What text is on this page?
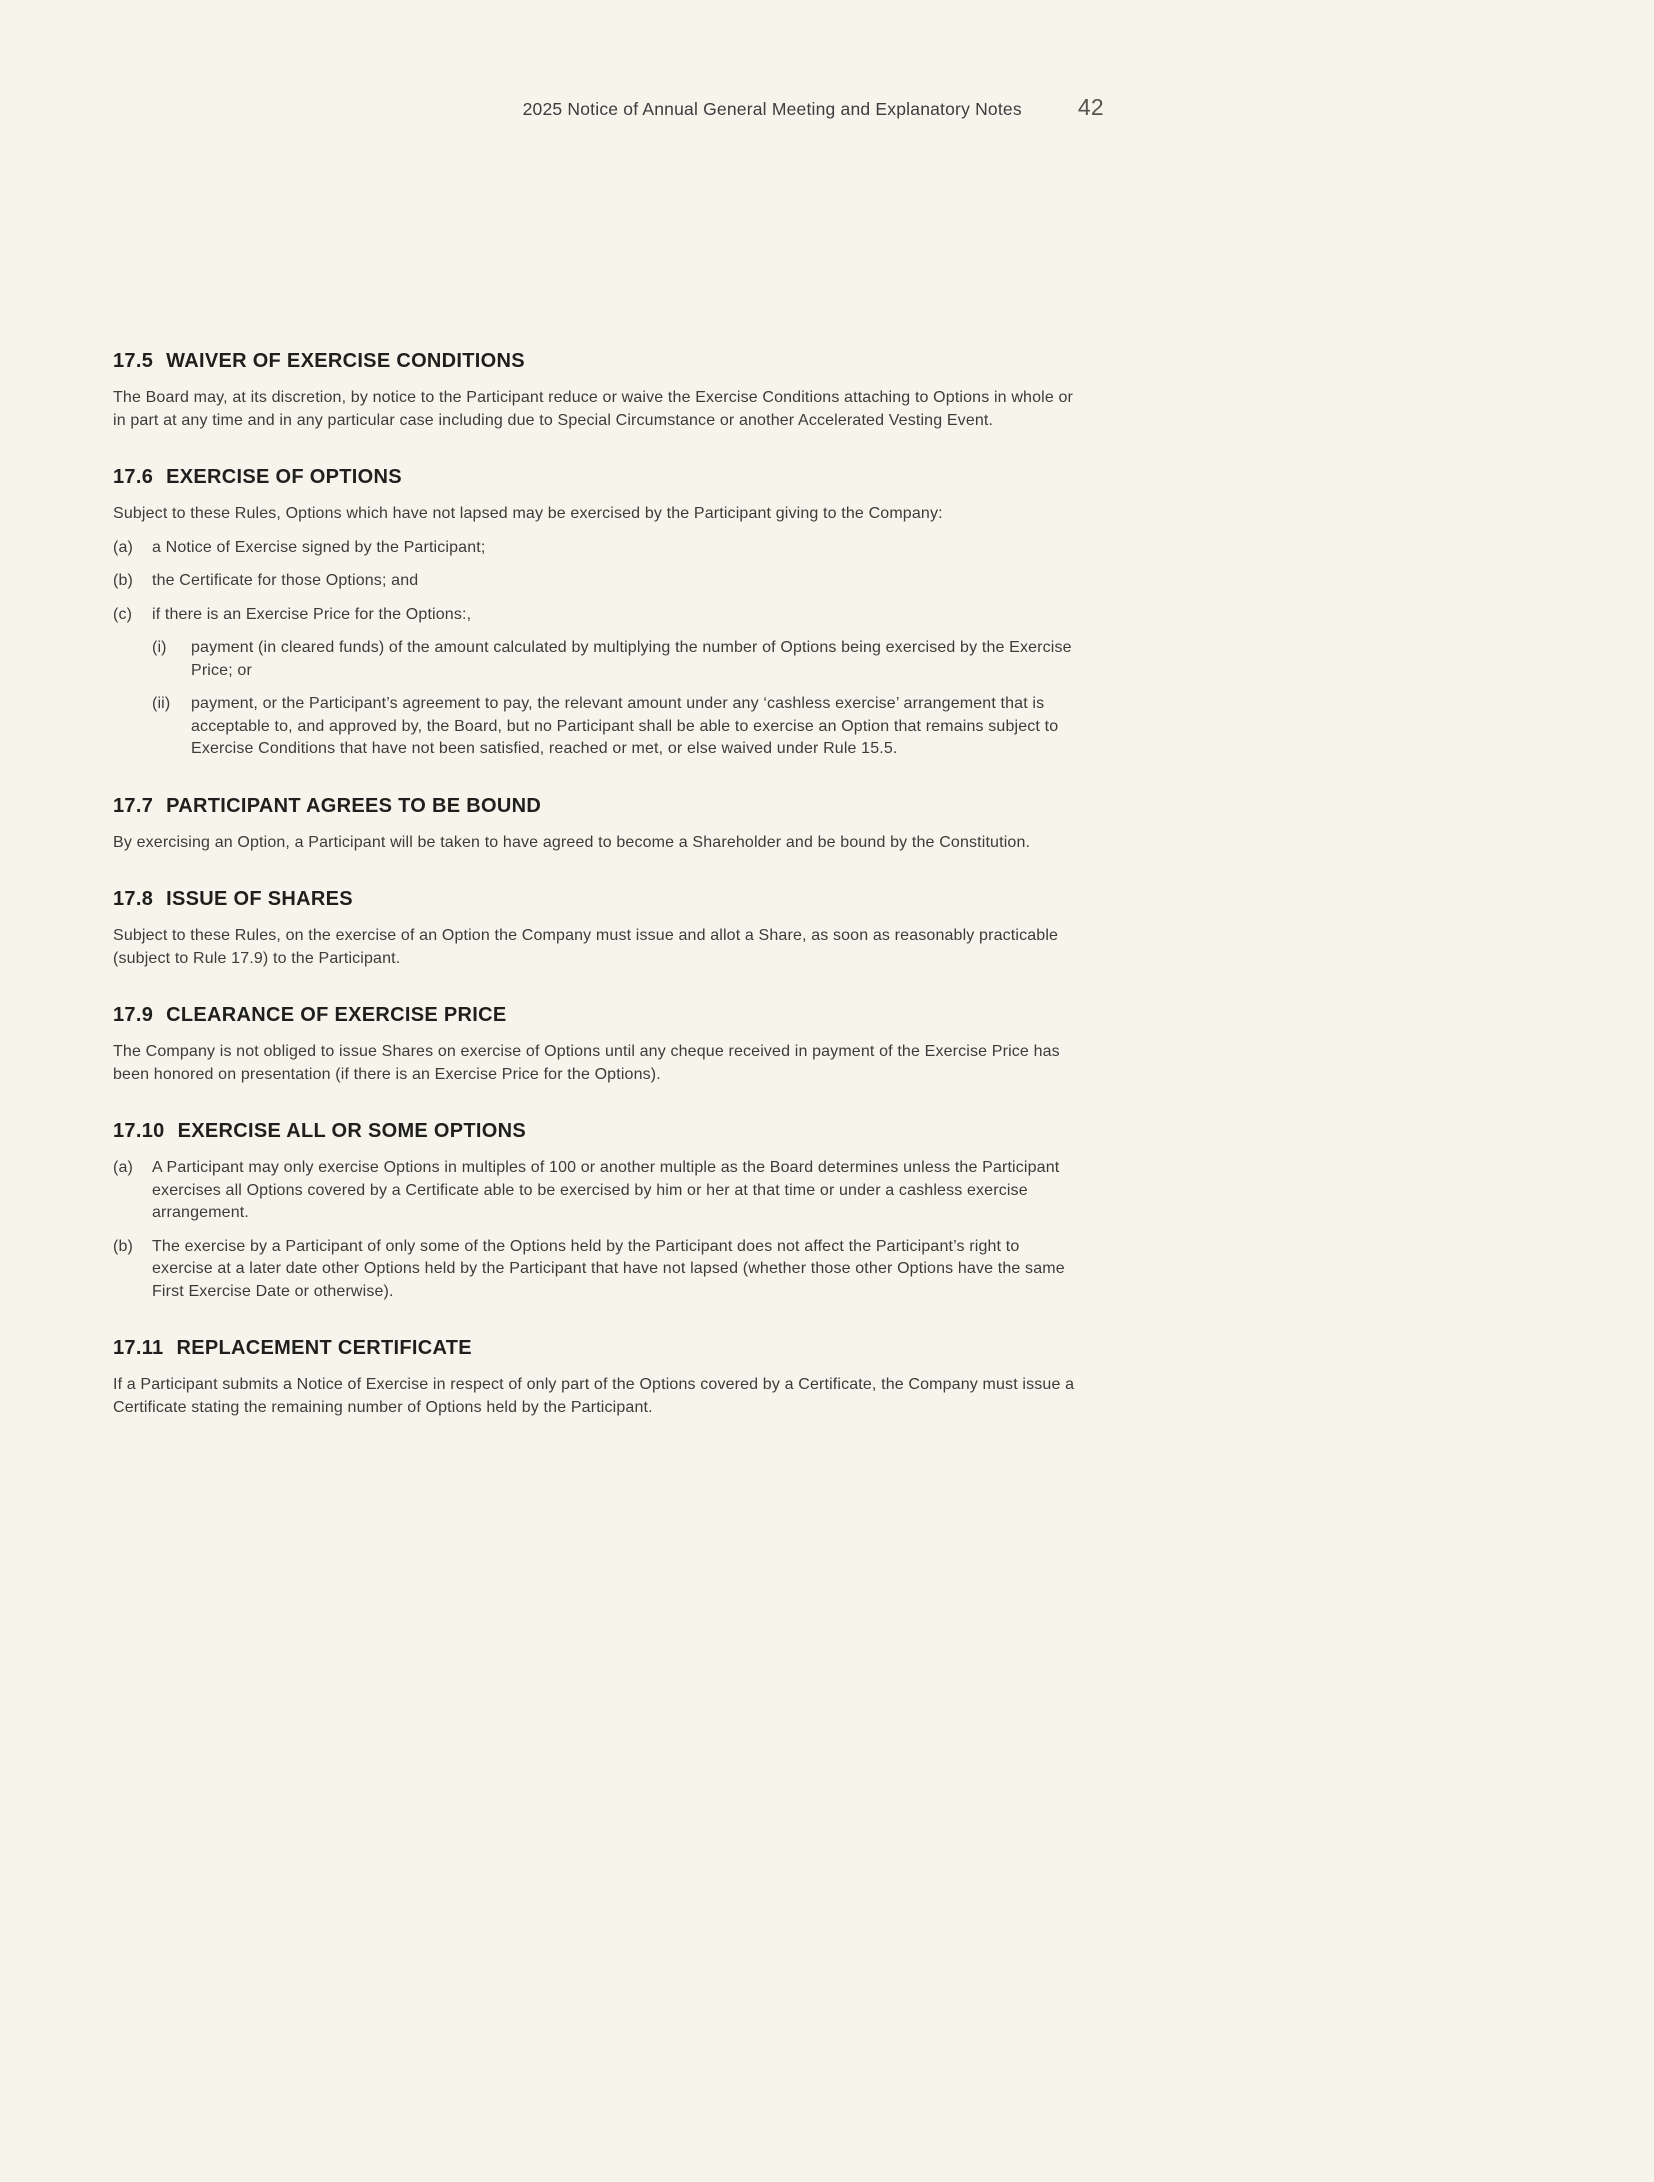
2025 Notice of Annual General Meeting and Explanatory Notes 42
17.5 WAIVER OF EXERCISE CONDITIONS

The Board may, at its discretion, by notice to the Participant reduce or waive the Exercise Conditions attaching to Options in whole or in part at any time and in any particular case including due to Special Circumstance or another Accelerated Vesting Event.

17.6 EXERCISE OF OPTIONS

Subject to these Rules, Options which have not lapsed may be exercised by the Participant giving to the Company:

(a)	a Notice of Exercise signed by the Participant;
(b)	the Certificate for those Options; and
(c)	if there is an Exercise Price for the Options:,
(i)	payment (in cleared funds) of the amount calculated by multiplying the number of Options being exercised by the Exercise Price; or
(ii)	payment, or the Participant’s agreement to pay, the relevant amount under any ‘cashless exercise’ arrangement that is acceptable to, and approved by, the Board, but no Participant shall be able to exercise an Option that remains subject to Exercise Conditions that have not been satisfied, reached or met, or else waived under Rule 15.5.
17.7 PARTICIPANT AGREES TO BE BOUND

By exercising an Option, a Participant will be taken to have agreed to become a Shareholder and be bound by the Constitution.

17.8 ISSUE OF SHARES

Subject to these Rules, on the exercise of an Option the Company must issue and allot a Share, as soon as reasonably practicable (subject to Rule 17.9) to the Participant.

17.9 CLEARANCE OF EXERCISE PRICE

The Company is not obliged to issue Shares on exercise of Options until any cheque received in payment of the Exercise Price has been honored on presentation (if there is an Exercise Price for the Options).

17.10 EXERCISE ALL OR SOME OPTIONS
(a)	A Participant may only exercise Options in multiples of 100 or another multiple as the Board determines unless the Participant exercises all Options covered by a Certificate able to be exercised by him or her at that time or under a cashless exercise arrangement.
(b)	The exercise by a Participant of only some of the Options held by the Participant does not affect the Participant’s right to exercise at a later date other Options held by the Participant that have not lapsed (whether those other Options have the same First Exercise Date or otherwise).
17.11 REPLACEMENT CERTIFICATE

If a Participant submits a Notice of Exercise in respect of only part of the Options covered by a Certificate, the Company must issue a Certificate stating the remaining number of Options held by the Participant.
